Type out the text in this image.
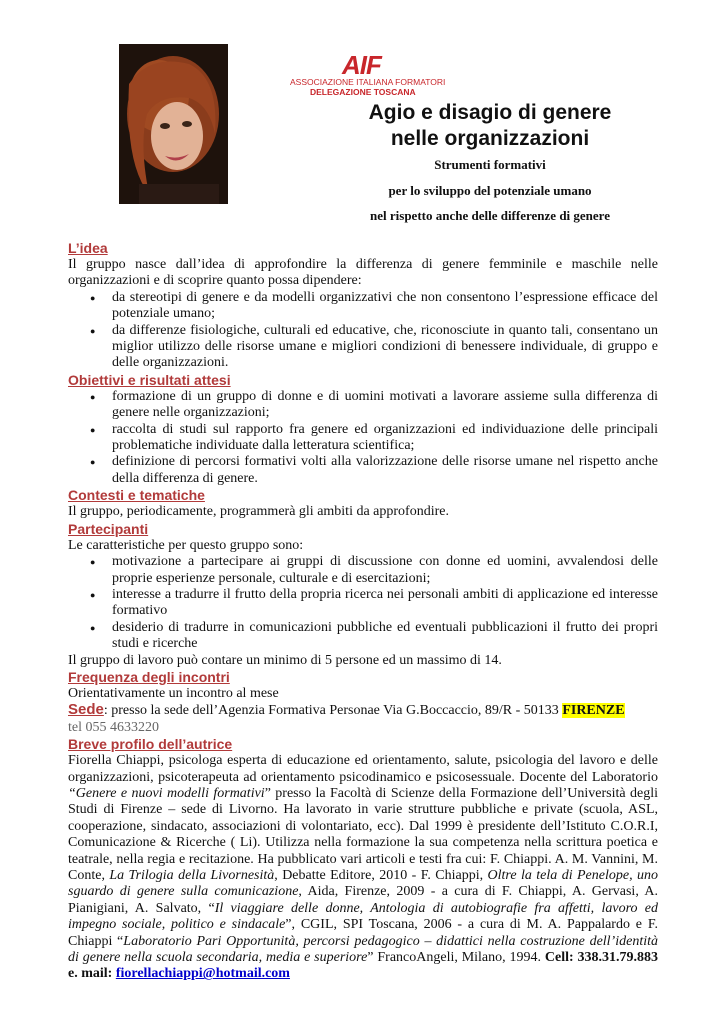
AIF
ASSOCIAZIONE ITALIANA FORMATORI
DELEGAZIONE TOSCANA
Agio e disagio di genere
nelle organizzazioni
Strumenti formativi
per lo sviluppo del potenziale umano
nel rispetto anche delle differenze di genere
L’idea
Il gruppo nasce dall’idea di approfondire la differenza di genere femminile e maschile nelle organizzazioni e di scoprire quanto possa dipendere:
● da stereotipi di genere e da modelli organizzativi che non consentono l’espressione efficace del potenziale umano;
● da differenze fisiologiche, culturali ed educative, che, riconosciute in quanto tali, consentano un miglior utilizzo delle risorse umane e migliori condizioni di benessere individuale, di gruppo e delle organizzazioni.
Obiettivi e risultati attesi
● formazione di un gruppo di donne e di uomini motivati a lavorare assieme sulla differenza di genere nelle organizzazioni;
● raccolta di studi sul rapporto fra genere ed organizzazioni ed individuazione delle principali problematiche individuate dalla letteratura scientifica;
● definizione di percorsi formativi volti alla valorizzazione delle risorse umane nel rispetto anche della differenza di genere.
Contesti e tematiche
Il gruppo, periodicamente, programmerà gli ambiti da approfondire.
Partecipanti
Le caratteristiche per questo gruppo sono:
● motivazione a partecipare ai gruppi di discussione con donne ed uomini, avvalendosi delle proprie esperienze personale, culturale e di esercitazioni;
● interesse a tradurre il frutto della propria ricerca nei personali ambiti di applicazione ed interesse formativo
● desiderio di tradurre in comunicazioni pubbliche ed eventuali pubblicazioni il frutto dei propri studi e ricerche
Il gruppo di lavoro può contare un minimo di 5 persone ed un massimo di 14.
Frequenza degli incontri
Orientativamente un incontro al mese
Sede: presso la sede dell’Agenzia Formativa Personae Via G.Boccaccio, 89/R - 50133 FIRENZE
tel 055 4633220
Breve profilo dell’autrice
Fiorella Chiappi, psicologa esperta di educazione ed orientamento, salute, psicologia del lavoro e delle organizzazioni, psicoterapeuta ad orientamento psicodinamico e psicosessuale. Docente del Laboratorio “Genere e nuovi modelli formativi” presso la Facoltà di Scienze della Formazione dell’Università degli Studi di Firenze – sede di Livorno. Ha lavorato in varie strutture pubbliche e private (scuola, ASL, cooperazione, sindacato, associazioni di volontariato, ecc). Dal 1999 è presidente dell’Istituto C.O.R.I, Comunicazione & Ricerche ( Li). Utilizza nella formazione la sua competenza nella scrittura poetica e teatrale, nella regia e recitazione. Ha pubblicato vari articoli e testi fra cui: F. Chiappi. A. M. Vannini, M. Conte, La Trilogia della Livornesità, Debatte Editore, 2010 - F. Chiappi, Oltre la tela di Penelope, uno sguardo di genere sulla comunicazione, Aida, Firenze, 2009 - a cura di F. Chiappi, A. Gervasi, A. Pianigiani, A. Salvato, “Il viaggiare delle donne, Antologia di autobiografie fra affetti, lavoro ed impegno sociale, politico e sindacale”, CGIL, SPI Toscana, 2006 - a cura di M. A. Pappalardo e F. Chiappi “Laboratorio Pari Opportunità, percorsi pedagogico – didattici nella costruzione dell’identità di genere nella scuola secondaria, media e superiore” FrancoAngeli, Milano, 1994. Cell: 338.31.79.883 e. mail: fiorellachiappi@hotmail.com
